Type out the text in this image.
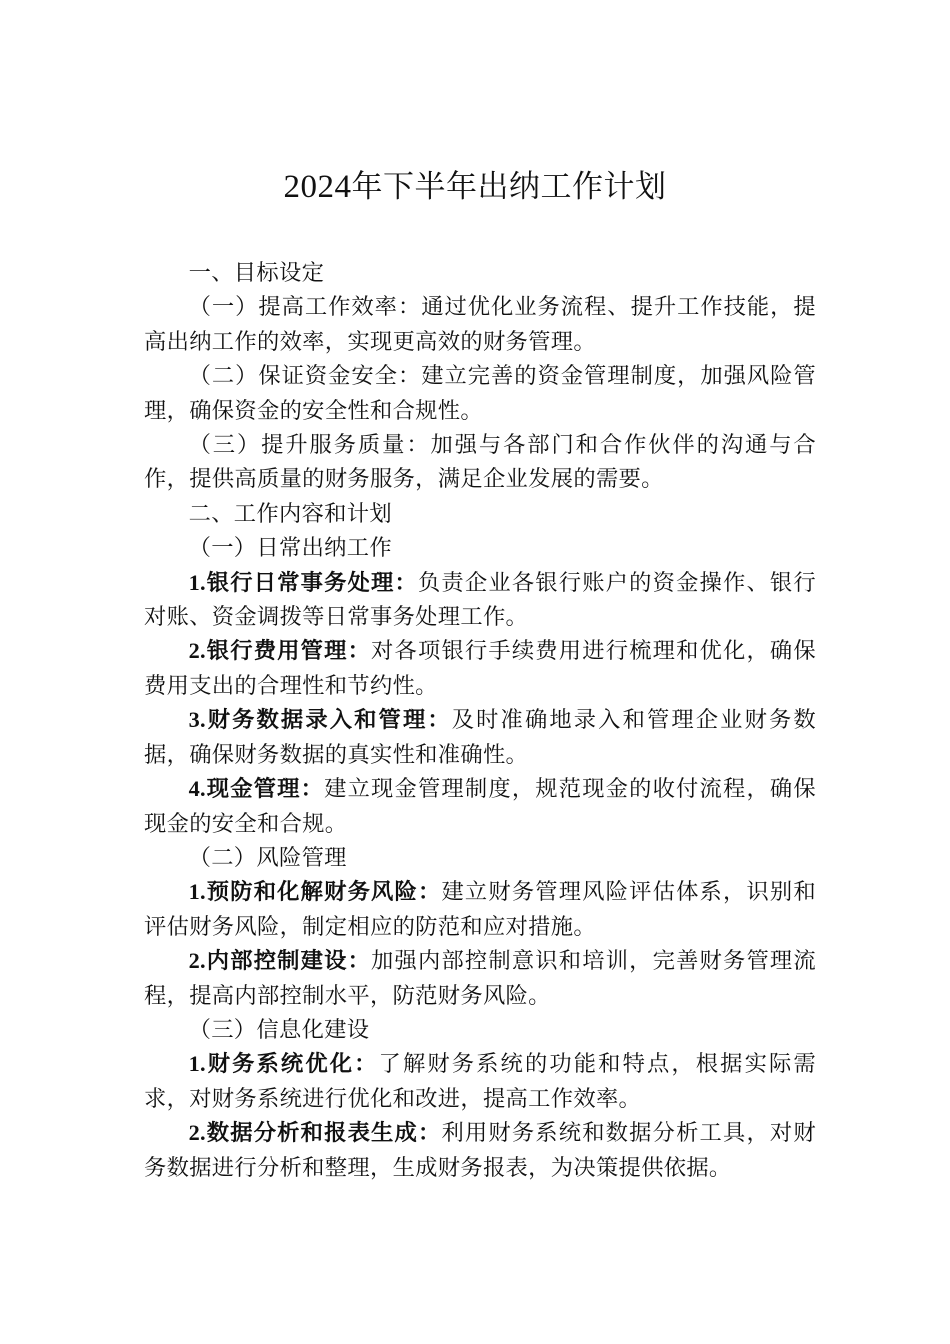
2024年下半年出纳工作计划

一、目标设定

（一）提高工作效率：通过优化业务流程、提升工作技能，提高出纳工作的效率，实现更高效的财务管理。

（二）保证资金安全：建立完善的资金管理制度，加强风险管理，确保资金的安全性和合规性。

（三）提升服务质量：加强与各部门和合作伙伴的沟通与合作，提供高质量的财务服务，满足企业发展的需要。

二、工作内容和计划

（一）日常出纳工作

1.银行日常事务处理：负责企业各银行账户的资金操作、银行对账、资金调拨等日常事务处理工作。

2.银行费用管理：对各项银行手续费用进行梳理和优化，确保费用支出的合理性和节约性。

3.财务数据录入和管理：及时准确地录入和管理企业财务数据，确保财务数据的真实性和准确性。

4.现金管理：建立现金管理制度，规范现金的收付流程，确保现金的安全和合规。

（二）风险管理

1.预防和化解财务风险：建立财务管理风险评估体系，识别和评估财务风险，制定相应的防范和应对措施。

2.内部控制建设：加强内部控制意识和培训，完善财务管理流程，提高内部控制水平，防范财务风险。

（三）信息化建设

1.财务系统优化：了解财务系统的功能和特点，根据实际需求，对财务系统进行优化和改进，提高工作效率。

2.数据分析和报表生成：利用财务系统和数据分析工具，对财务数据进行分析和整理，生成财务报表，为决策提供依据。
